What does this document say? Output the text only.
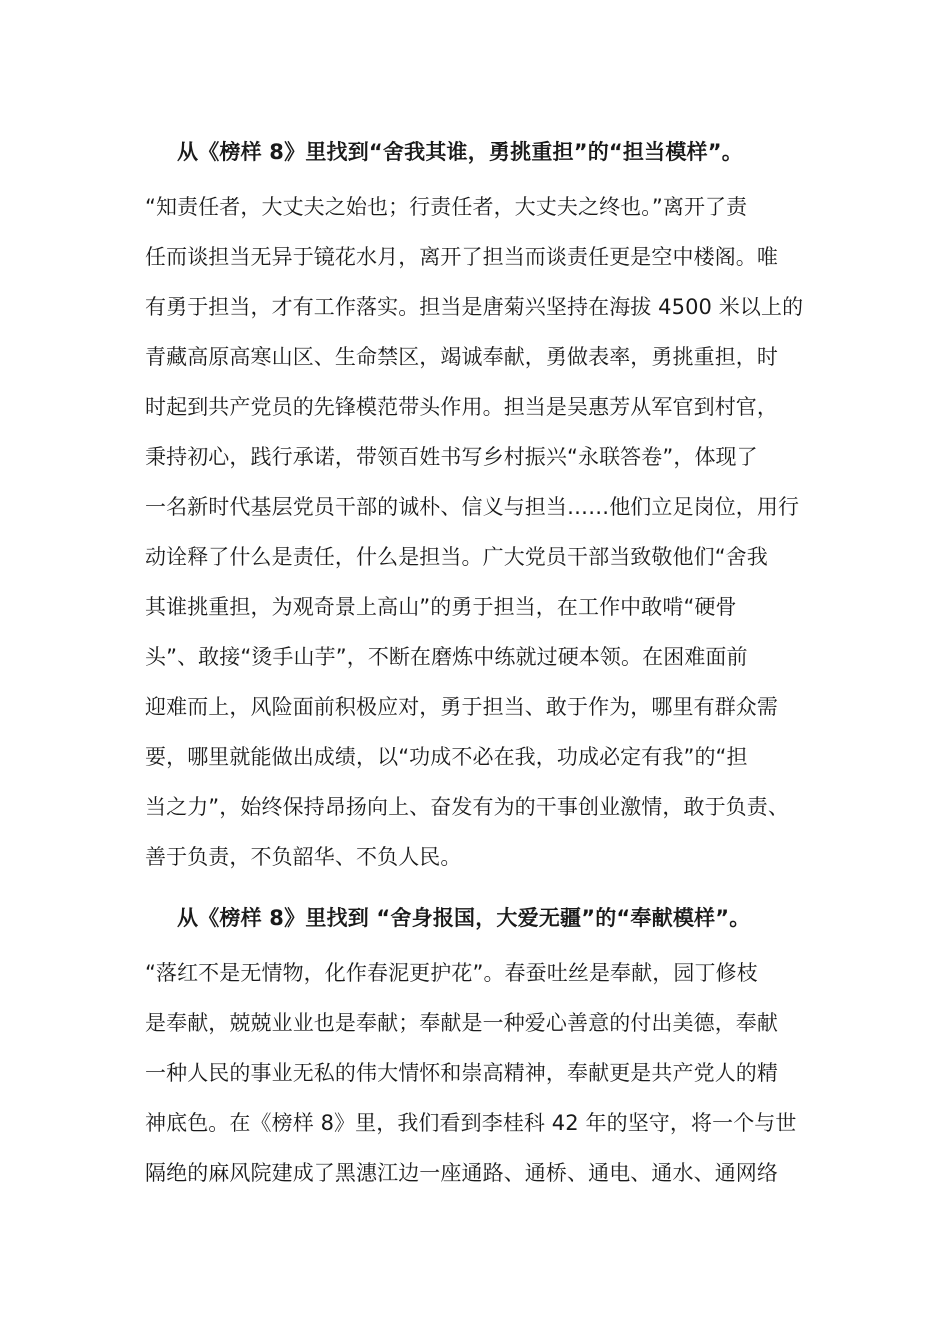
从《榜样 8》里找到“舍我其谁，勇挑重担”的“担当模样”。

“知责任者，大丈夫之始也；行责任者，大丈夫之终也。”离开了责

任而谈担当无异于镜花水月，离开了担当而谈责任更是空中楼阁。唯

有勇于担当，才有工作落实。担当是唐菊兴坚持在海拔 4500 米以上的

青藏高原高寒山区、生命禁区，竭诚奉献，勇做表率，勇挑重担，时

时起到共产党员的先锋模范带头作用。担当是吴惠芳从军官到村官，

秉持初心，践行承诺，带领百姓书写乡村振兴“永联答卷”，体现了

一名新时代基层党员干部的诚朴、信义与担当……他们立足岗位，用行

动诠释了什么是责任，什么是担当。广大党员干部当致敬他们“舍我

其谁挑重担，为观奇景上高山”的勇于担当，在工作中敢啃“硬骨

头”、敢接“烫手山芋”，不断在磨炼中练就过硬本领。在困难面前

迎难而上，风险面前积极应对，勇于担当、敢于作为，哪里有群众需

要，哪里就能做出成绩，以“功成不必在我，功成必定有我”的“担

当之力”，始终保持昂扬向上、奋发有为的干事创业激情，敢于负责、

善于负责，不负韶华、不负人民。

从《榜样 8》里找到 “舍身报国，大爱无疆”的“奉献模样”。

“落红不是无情物，化作春泥更护花”。春蚕吐丝是奉献，园丁修枝

是奉献，兢兢业业也是奉献；奉献是一种爱心善意的付出美德，奉献

一种人民的事业无私的伟大情怀和崇高精神，奉献更是共产党人的精

神底色。在《榜样 8》里，我们看到李桂科 42 年的坚守，将一个与世

隔绝的麻风院建成了黑潓江边一座通路、通桥、通电、通水、通网络
